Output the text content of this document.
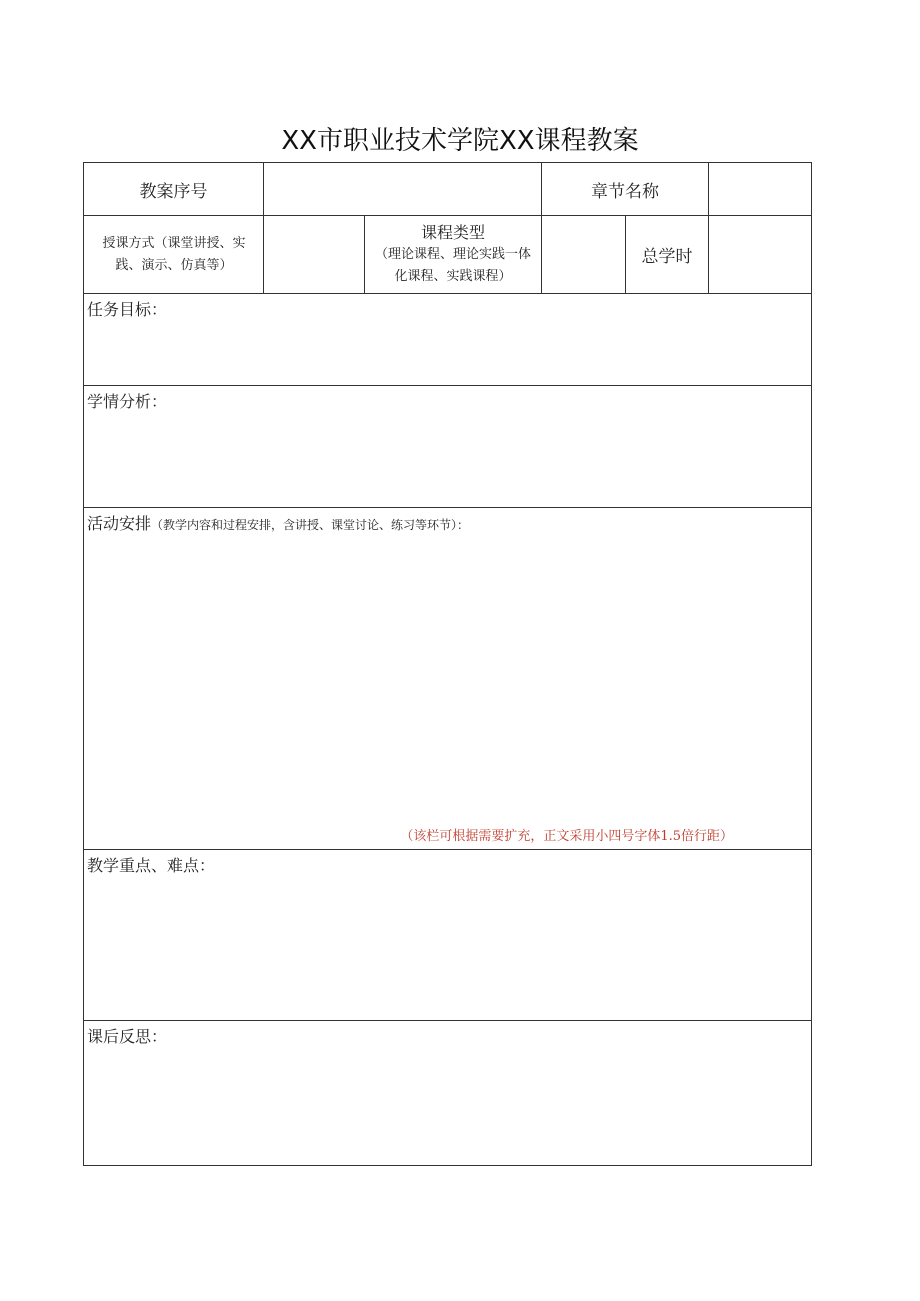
XX市职业技术学院XX课程教案
教案序号	章节名称
授课方式（课堂讲授、实践、演示、仿真等）
课程类型
（理论课程、理论实践一体化课程、实践课程）
总学时
任务目标：
学情分析：
活动安排（教学内容和过程安排，含讲授、课堂讨论、练习等环节）：
（该栏可根据需要扩充，正文采用小四号字体1.5倍行距）
教学重点、难点：
课后反思：
